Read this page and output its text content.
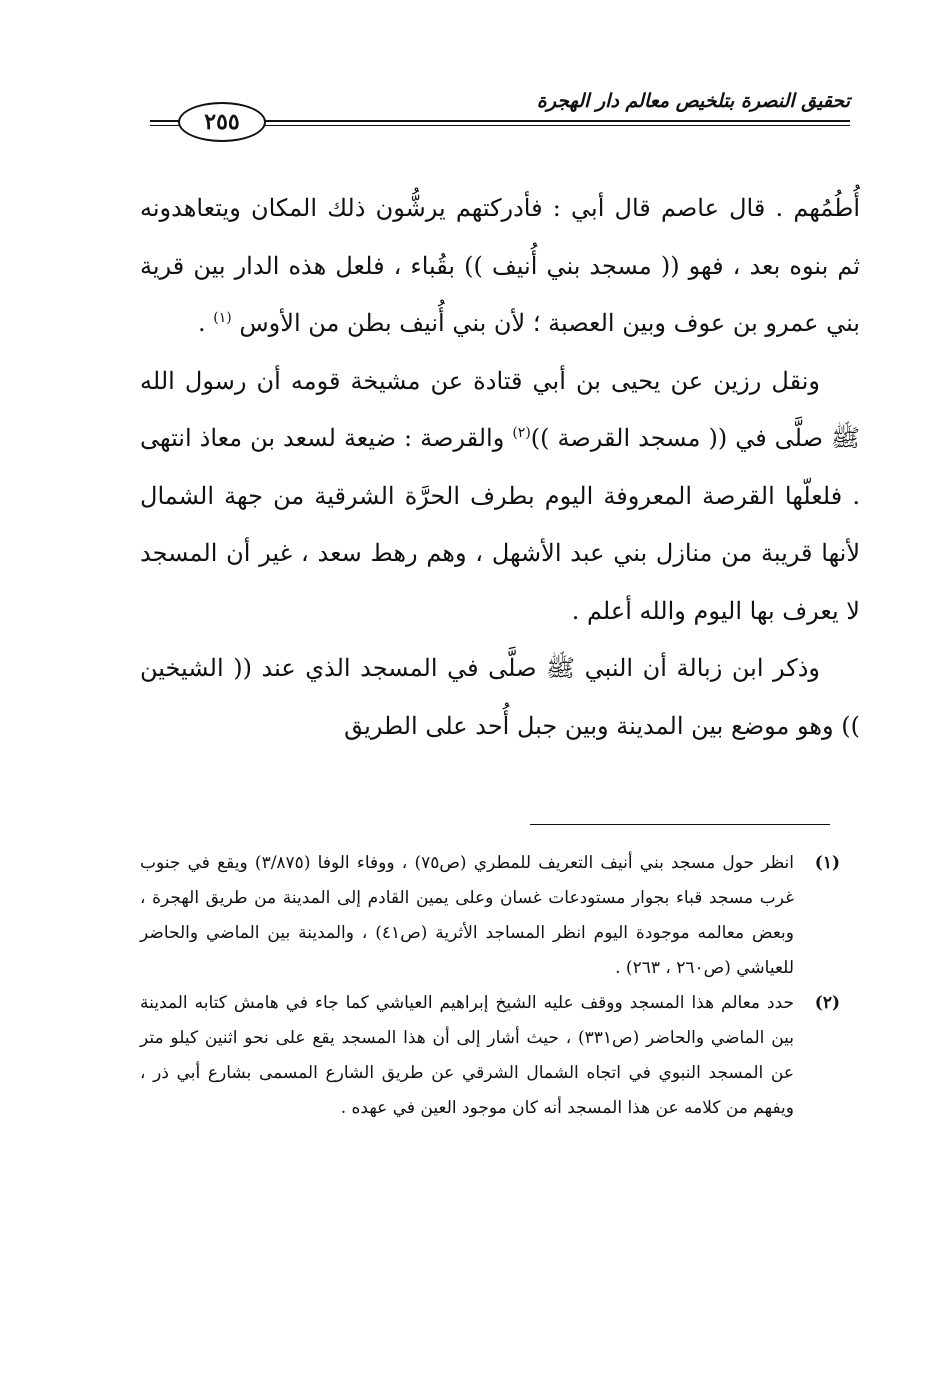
تحقيق النصرة بتلخيص معالم دار الهجرة
٢٥٥

أُطُمُهم . قال عاصم قال أبي : فأدركتهم يرشُّون ذلك المكان ويتعاهدونه ثم بنوه بعد ، فهو (( مسجد بني أُنيف )) بقُباء ، فلعل هذه الدار بين قرية بني عمرو بن عوف وبين العصبة ؛ لأن بني أُنيف بطن من الأوس $^{(١)}$ .

ونقل رزين عن يحيى بن أبي قتادة عن مشيخة قومه أن رسول الله ﷺ صلَّى في (( مسجد القرصة ))$^{(٢)}$ والقرصة : ضيعة لسعد بن معاذ انتهى . فلعلّها القرصة المعروفة اليوم بطرف الحرَّة الشرقية من جهة الشمال لأنها قريبة من منازل بني عبد الأشهل ، وهم رهط سعد ، غير أن المسجد لا يعرف بها اليوم والله أعلم .

وذكر ابن زبالة أن النبي ﷺ صلَّى في المسجد الذي عند (( الشيخين )) وهو موضع بين المدينة وبين جبل أُحد على الطريق

(١)
انظر حول مسجد بني أنيف التعريف للمطري (ص٧٥) ، ووفاء الوفا (٣/٨٧٥) ويقع في جنوب غرب مسجد قباء بجوار مستودعات غسان وعلى يمين القادم إلى المدينة من طريق الهجرة ، وبعض معالمه موجودة اليوم انظر المساجد الأثرية (ص٤١) ، والمدينة بين الماضي والحاضر للعياشي (ص٢٦٠ ، ٢٦٣) .
(٢)
حدد معالم هذا المسجد ووقف عليه الشيخ إبراهيم العياشي كما جاء في هامش كتابه المدينة بين الماضي والحاضر (ص٣٣١) ، حيث أشار إلى أن هذا المسجد يقع على نحو اثنين كيلو متر عن المسجد النبوي في اتجاه الشمال الشرقي عن طريق الشارع المسمى بشارع أبي ذر ، ويفهم من كلامه عن هذا المسجد أنه كان موجود العين في عهده .
